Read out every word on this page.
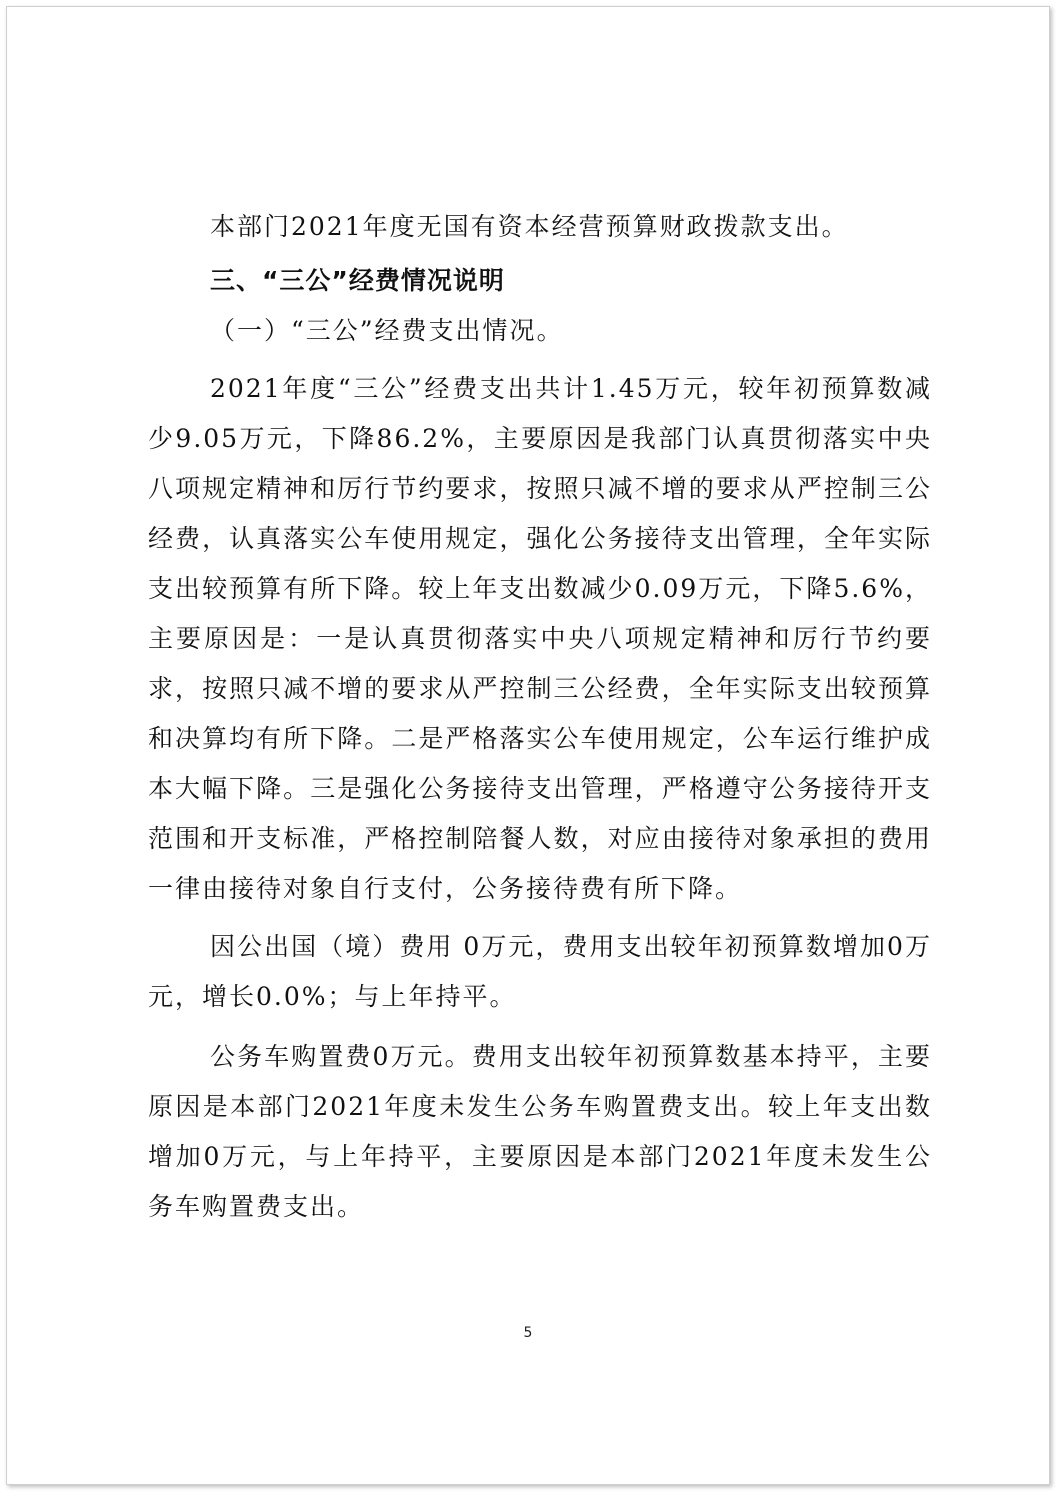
本部门2021年度无国有资本经营预算财政拨款支出。

三、“三公”经费情况说明

（一）“三公”经费支出情况。

2021年度“三公”经费支出共计1.45万元，较年初预算数减少9.05万元，下降86.2%，主要原因是我部门认真贯彻落实中央八项规定精神和厉行节约要求，按照只减不增的要求从严控制三公经费，认真落实公车使用规定，强化公务接待支出管理，全年实际支出较预算有所下降。较上年支出数减少0.09万元，下降5.6%，主要原因是：一是认真贯彻落实中央八项规定精神和厉行节约要求，按照只减不增的要求从严控制三公经费，全年实际支出较预算和决算均有所下降。二是严格落实公车使用规定，公车运行维护成本大幅下降。三是强化公务接待支出管理，严格遵守公务接待开支范围和开支标准，严格控制陪餐人数，对应由接待对象承担的费用一律由接待对象自行支付，公务接待费有所下降。

因公出国（境）费用 0万元，费用支出较年初预算数增加0万元，增长0.0%；与上年持平。

公务车购置费0万元。费用支出较年初预算数基本持平，主要原因是本部门2021年度未发生公务车购置费支出。较上年支出数增加0万元，与上年持平，主要原因是本部门2021年度未发生公务车购置费支出。

5
